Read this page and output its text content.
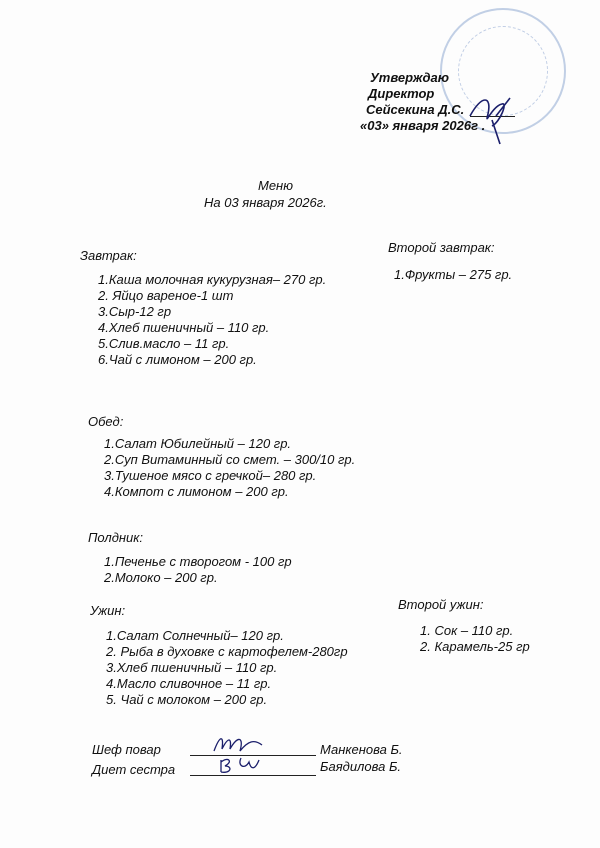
Утверждаю
Директор
Сейсекина Д.С.
«03» января 2026г .
Меню
На 03 января 2026г.
Завтрак:
1.Каша молочная кукурузная– 270 гр.
2. Яйцо вареное-1 шт
3.Сыр-12 гр
4.Хлеб пшеничный – 110 гр.
5.Слив.масло – 11 гр.
6.Чай с лимоном – 200 гр.
Второй завтрак:
1.Фрукты – 275 гр.
Обед:
1.Салат Юбилейный – 120 гр.
2.Суп Витаминный со смет. – 300/10 гр.
3.Тушеное мясо с гречкой– 280 гр.
4.Компот с лимоном – 200 гр.
Полдник:
1.Печенье с творогом - 100 гр
2.Молоко – 200 гр.
Ужин:
1.Салат Солнечный– 120 гр.
2. Рыба в духовке с картофелем-280гр
3.Хлеб пшеничный – 110 гр.
4.Масло сливочное – 11 гр.
5. Чай с молоком – 200 гр.
Второй ужин:
1. Сок – 110 гр.
2. Карамель-25 гр
Шеф повар	Манкенова Б.
Диет сестра	Баядилова Б.
